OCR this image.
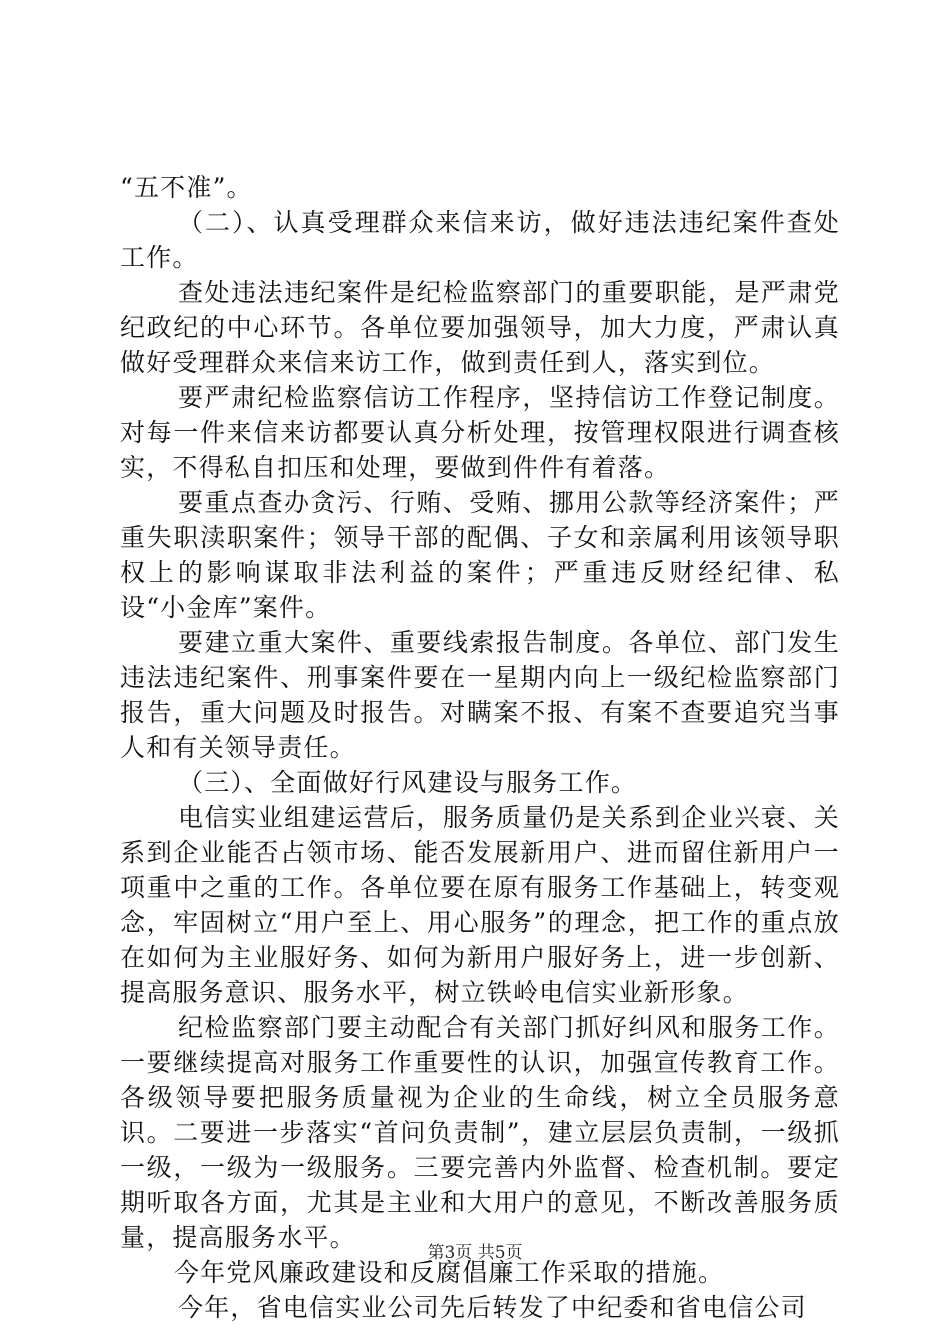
“五不准”。

（二）、认真受理群众来信来访，做好违法违纪案件查处工作。

查处违法违纪案件是纪检监察部门的重要职能，是严肃党纪政纪的中心环节。各单位要加强领导，加大力度，严肃认真做好受理群众来信来访工作，做到责任到人，落实到位。

要严肃纪检监察信访工作程序，坚持信访工作登记制度。对每一件来信来访都要认真分析处理，按管理权限进行调查核实，不得私自扣压和处理，要做到件件有着落。

要重点查办贪污、行贿、受贿、挪用公款等经济案件；严重失职渎职案件；领导干部的配偶、子女和亲属利用该领导职权上的影响谋取非法利益的案件；严重违反财经纪律、私设“小金库”案件。

要建立重大案件、重要线索报告制度。各单位、部门发生违法违纪案件、刑事案件要在一星期内向上一级纪检监察部门报告，重大问题及时报告。对瞒案不报、有案不查要追究当事人和有关领导责任。

（三）、全面做好行风建设与服务工作。

电信实业组建运营后，服务质量仍是关系到企业兴衰、关系到企业能否占领市场、能否发展新用户、进而留住新用户一项重中之重的工作。各单位要在原有服务工作基础上，转变观念，牢固树立“用户至上、用心服务”的理念，把工作的重点放在如何为主业服好务、如何为新用户服好务上，进一步创新、提高服务意识、服务水平，树立铁岭电信实业新形象。

纪检监察部门要主动配合有关部门抓好纠风和服务工作。一要继续提高对服务工作重要性的认识，加强宣传教育工作。各级领导要把服务质量视为企业的生命线，树立全员服务意识。二要进一步落实“首问负责制”，建立层层负责制，一级抓一级，一级为一级服务。三要完善内外监督、检查机制。要定期听取各方面，尤其是主业和大用户的意见，不断改善服务质量，提高服务水平。

今年党风廉政建设和反腐倡廉工作采取的措施。

今年，省电信实业公司先后转发了中纪委和省电信公司

第3页 共5页
